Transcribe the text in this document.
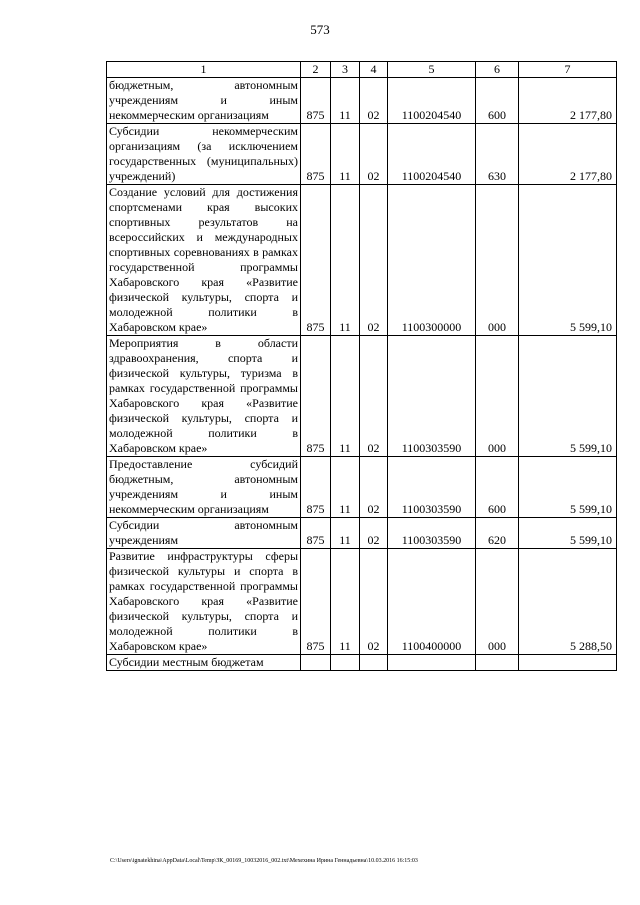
573
1	2	3	4	5	6	7
бюджетным, автономным учреждениям и иным некоммерческим организациям	875	11	02	1100204540	600	2 177,80
Субсидии некоммерческим организациям (за исключением государственных (муниципальных) учреждений)	875	11	02	1100204540	630	2 177,80
Создание условий для достижения спортсменами края высоких спортивных результатов на всероссийских и международных спортивных соревнованиях в рамках государственной программы Хабаровского края «Развитие физической культуры, спорта и молодежной политики в Хабаровском крае»	875	11	02	1100300000	000	5 599,10
Мероприятия в области здравоохранения, спорта и физической культуры, туризма в рамках государственной программы Хабаровского края «Развитие физической культуры, спорта и молодежной политики в Хабаровском крае»	875	11	02	1100303590	000	5 599,10
Предоставление субсидий бюджетным, автономным учреждениям и иным некоммерческим организациям	875	11	02	1100303590	600	5 599,10
Субсидии автономным учреждениям	875	11	02	1100303590	620	5 599,10
Развитие инфраструктуры сферы физической культуры и спорта в рамках государственной программы Хабаровского края «Развитие физической культуры, спорта и молодежной политики в Хабаровском крае»	875	11	02	1100400000	000	5 288,50
Субсидии местным бюджетам						
C:\Users\ignatekhina\AppData\Local\Temp\ЗК_00169_10032016_002.txt\Мехехина Ирина Геннадьевна\10.03.2016 16:15:03
